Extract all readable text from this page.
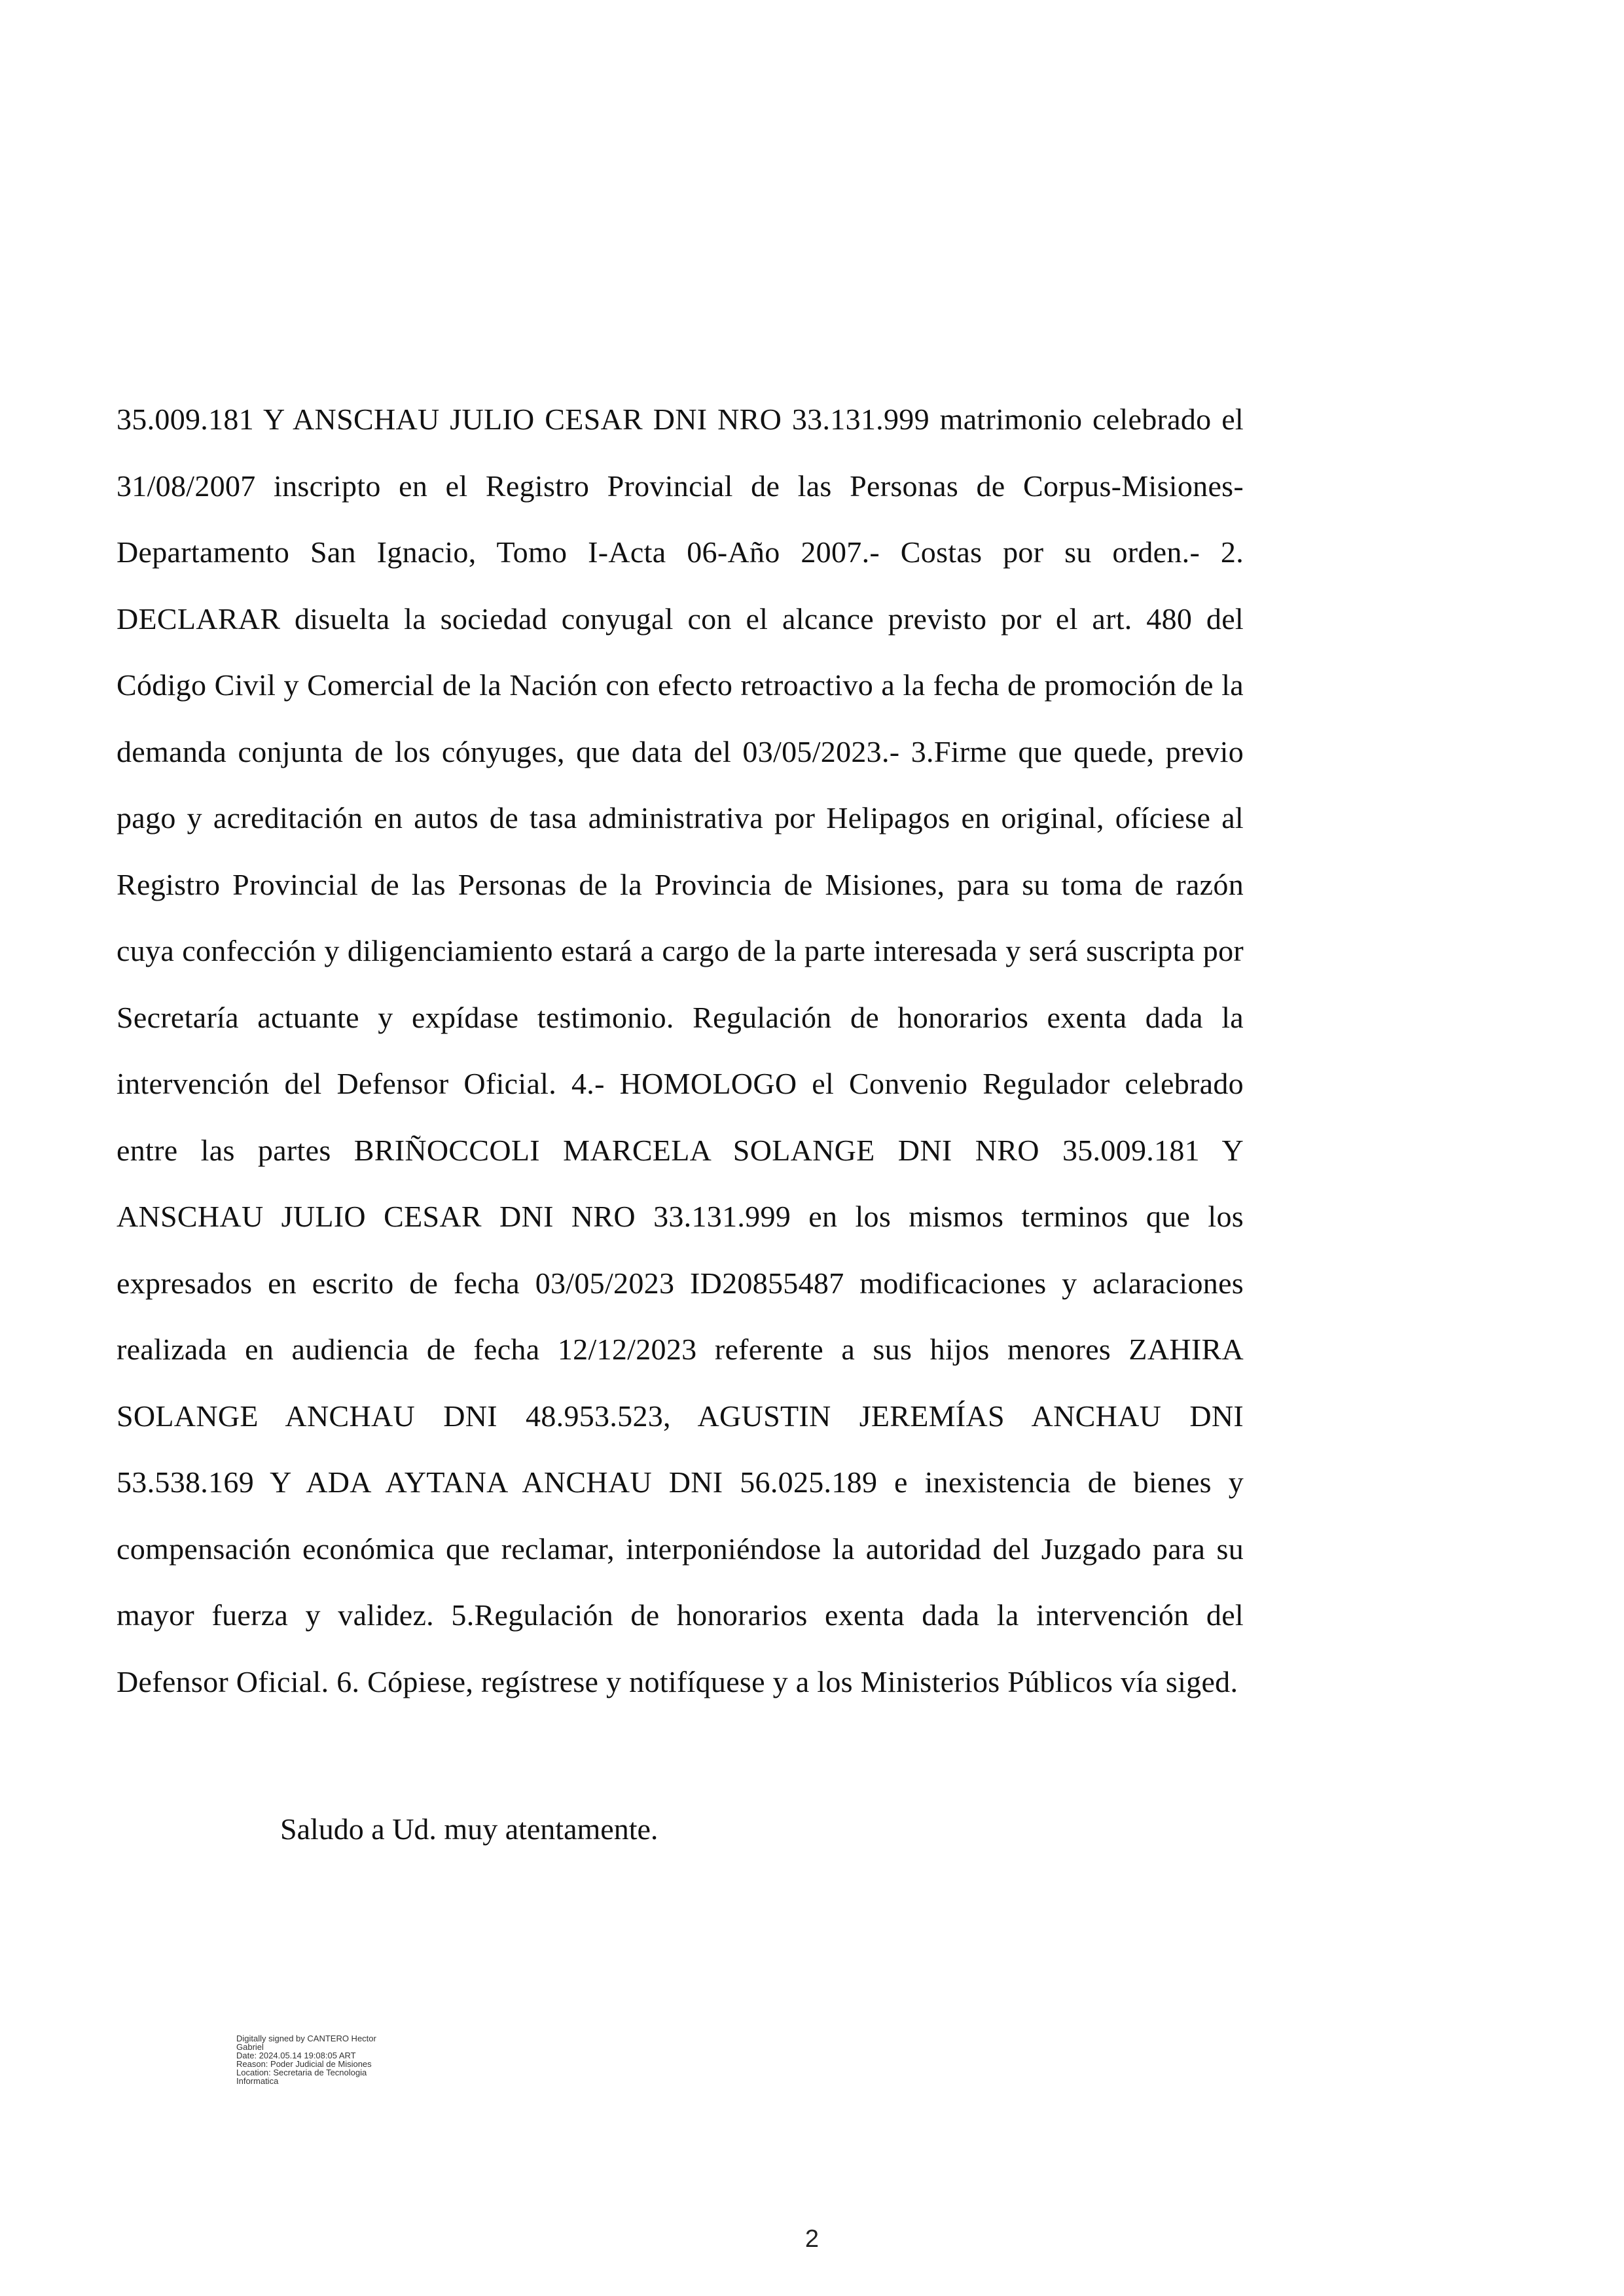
35.009.181 Y ANSCHAU JULIO CESAR DNI NRO 33.131.999 matrimonio celebrado el 31/08/2007 inscripto en el Registro Provincial de las Personas de Corpus-Misiones-Departamento San Ignacio, Tomo I-Acta 06-Año 2007.- Costas por su orden.- 2. DECLARAR disuelta la sociedad conyugal con el alcance previsto por el art. 480 del Código Civil y Comercial de la Nación con efecto retroactivo a la fecha de promoción de la demanda conjunta de los cónyuges, que data del 03/05/2023.- 3.Firme que quede, previo pago y acreditación en autos de tasa administrativa por Helipagos en original, ofíciese al Registro Provincial de las Personas de la Provincia de Misiones, para su toma de razón cuya confección y diligenciamiento estará a cargo de la parte interesada y será suscripta por Secretaría actuante y expídase testimonio. Regulación de honorarios exenta dada la intervención del Defensor Oficial. 4.- HOMOLOGO el Convenio Regulador celebrado entre las partes BRIÑOCCOLI MARCELA SOLANGE DNI NRO 35.009.181 Y ANSCHAU JULIO CESAR DNI NRO 33.131.999 en los mismos terminos que los expresados en escrito de fecha 03/05/2023 ID20855487 modificaciones y aclaraciones realizada en audiencia de fecha 12/12/2023 referente a sus hijos menores ZAHIRA SOLANGE ANCHAU DNI 48.953.523, AGUSTIN JEREMÍAS ANCHAU DNI 53.538.169 Y ADA AYTANA ANCHAU DNI 56.025.189 e inexistencia de bienes y compensación económica que reclamar, interponiéndose la autoridad del Juzgado para su mayor fuerza y validez. 5.Regulación de honorarios exenta dada la intervención del Defensor Oficial. 6. Cópiese, regístrese y notifíquese y a los Ministerios Públicos vía siged.

Saludo a Ud. muy atentamente.

Digitally signed by CANTERO Hector
Gabriel
Date: 2024.05.14 19:08:05 ART
Reason: Poder Judicial de Misiones
Location: Secretaria de Tecnologia
Informatica
2
